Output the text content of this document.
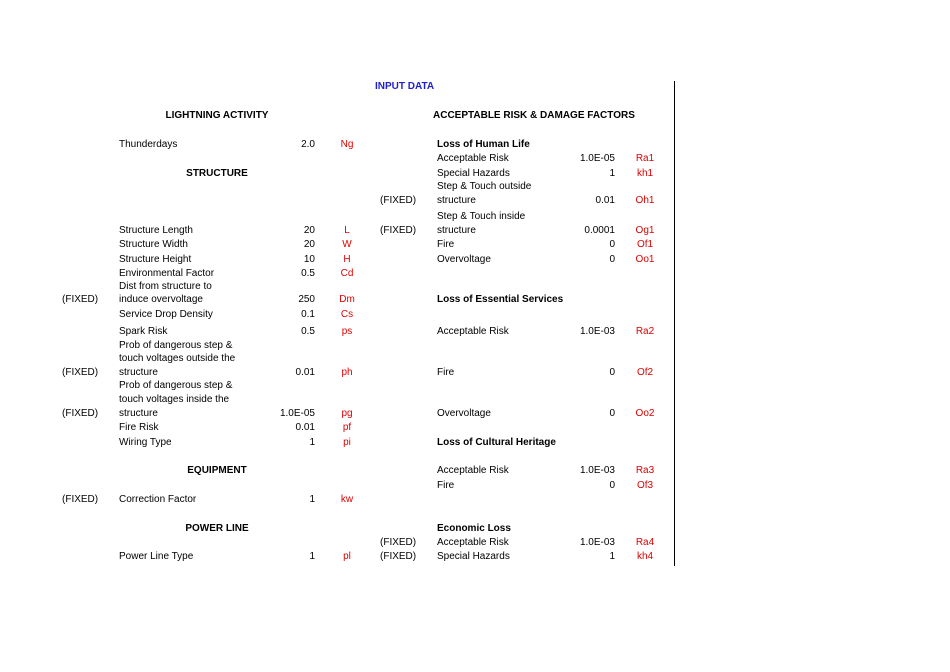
INPUT DATA
LIGHTNING ACTIVITY
Thunderdays	2.0	Ng
STRUCTURE
Structure Length	20	L
Structure Width	20	W
Structure Height	10	H
Environmental Factor	0.5	Cd
Dist from structure to
(FIXED) induce overvoltage	250	Dm
Service Drop Density	0.1	Cs
Spark Risk	0.5	ps
Prob of dangerous step &
touch voltages outside the
(FIXED) structure	0.01	ph
Prob of dangerous step &
touch voltages inside the
(FIXED) structure	1.0E-05	pg
Fire Risk	0.01	pf
Wiring Type	1	pi
EQUIPMENT
(FIXED) Correction Factor	1	kw
POWER LINE
Power Line Type	1	pl
ACCEPTABLE RISK & DAMAGE FACTORS
Loss of Human Life
Acceptable Risk	1.0E-05	Ra1
Special Hazards	1	kh1
Step & Touch outside
(FIXED) structure	0.01	Oh1
Step & Touch inside
(FIXED) structure	0.0001	Og1
Fire	0	Of1
Overvoltage	0	Oo1
Loss of Essential Services
Acceptable Risk	1.0E-03	Ra2
Fire	0	Of2
Overvoltage	0	Oo2
Loss of Cultural Heritage
Acceptable Risk	1.0E-03	Ra3
Fire	0	Of3
Economic Loss
(FIXED) Acceptable Risk	1.0E-03	Ra4
(FIXED) Special Hazards	1	kh4
